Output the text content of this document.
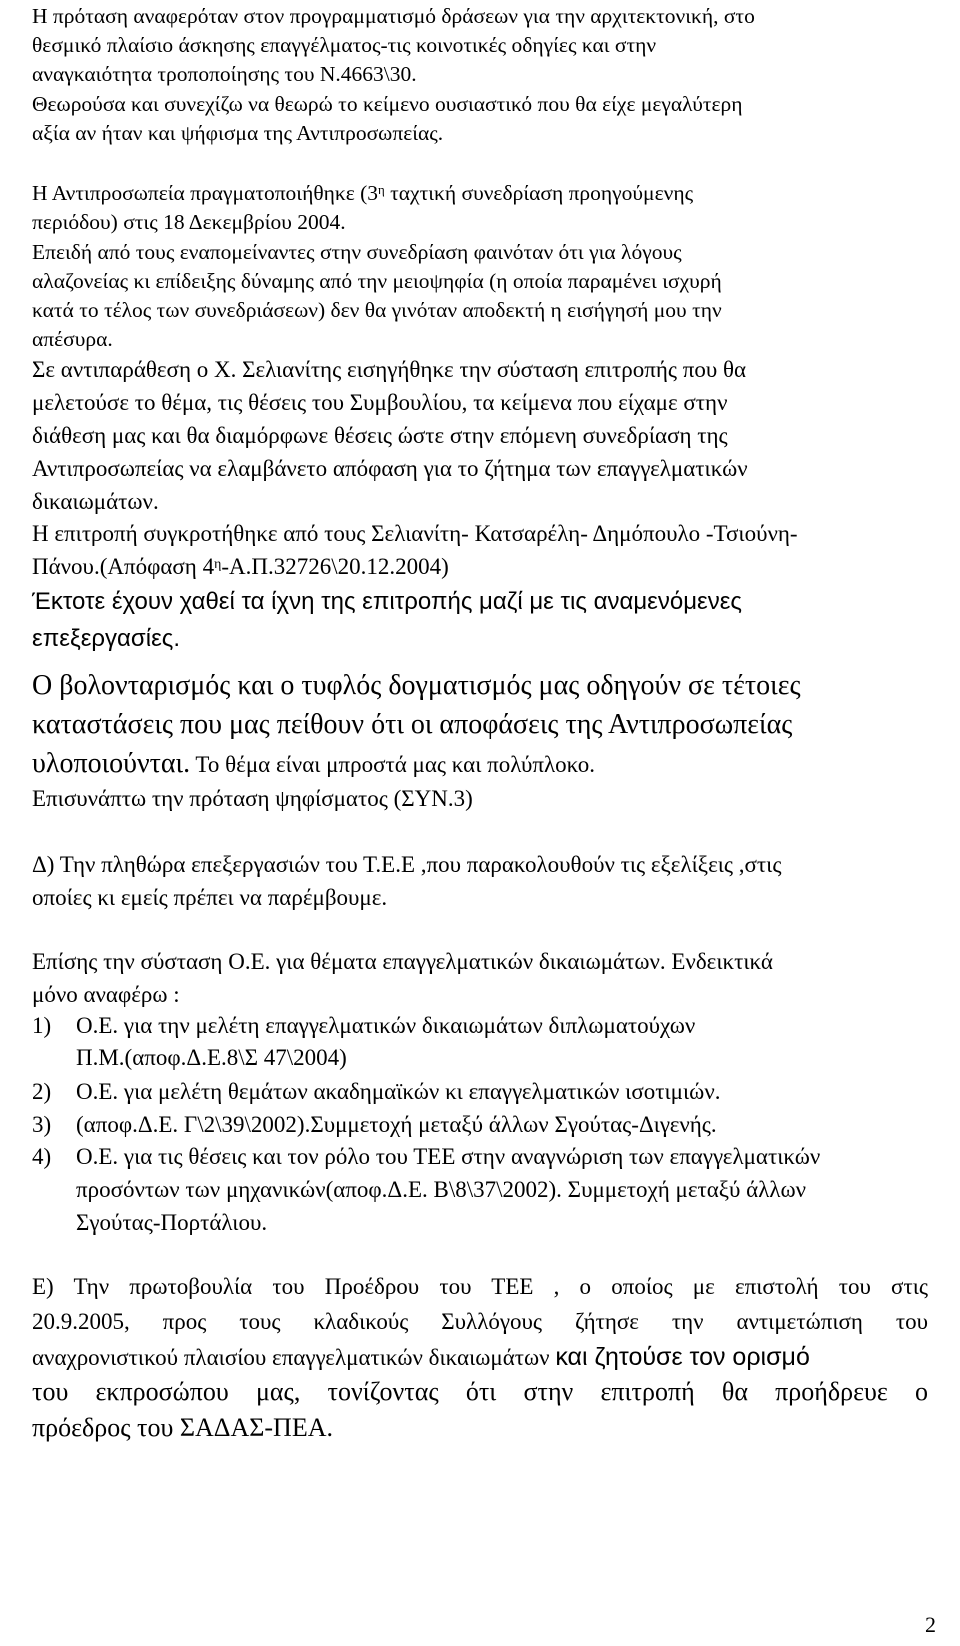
Η πρόταση αναφερόταν στον προγραμματισμό δράσεων για την αρχιτεκτονική, στο
θεσμικό πλαίσιο άσκησης επαγγέλματος-τις κοινοτικές οδηγίες και στην
αναγκαιότητα τροποποίησης του Ν.4663\30.
Θεωρούσα και συνεχίζω να θεωρώ το κείμενο ουσιαστικό που θα είχε μεγαλύτερη
αξία αν ήταν και ψήφισμα της Αντιπροσωπείας.
Η Αντιπροσωπεία πραγματοποιήθηκε ($3^\eta$ ταχτική συνεδρίαση προηγούμενης
περιόδου) στις 18 Δεκεμβρίου 2004.
Επειδή από τους εναπομείναντες στην συνεδρίαση φαινόταν ότι για λόγους
αλαζονείας κι επίδειξης δύναμης από την μειοψηφία (η οποία παραμένει ισχυρή
κατά το τέλος των συνεδριάσεων) δεν θα γινόταν αποδεκτή η εισήγησή μου την
απέσυρα.
Σε αντιπαράθεση ο Χ. Σελιανίτης εισηγήθηκε την σύσταση επιτροπής που θα
μελετούσε το θέμα, τις θέσεις του Συμβουλίου, τα κείμενα που είχαμε στην
διάθεση μας και θα διαμόρφωνε θέσεις ώστε στην επόμενη συνεδρίαση της
Αντιπροσωπείας να ελαμβάνετο απόφαση για το ζήτημα των επαγγελματικών
δικαιωμάτων.
Η επιτροπή συγκροτήθηκε από τους Σελιανίτη- Κατσαρέλη- Δημόπουλο -Τσιούνη-
Πάνου.(Απόφαση $4^\eta-A.\Pi.32726\backslash 20.12.2004$)
Έκτοτε έχουν χαθεί τα ίχνη της επιτροπής μαζί με τις αναμενόμενες
επεξεργασίες.
Ο βολονταρισμός και ο τυφλός δογματισμός μας οδηγούν σε τέτοιες
καταστάσεις που μας πείθουν ότι οι αποφάσεις της Αντιπροσωπείας
υλοποιούνται. Το θέμα είναι μπροστά μας και πολύπλοκο.
Επισυνάπτω την πρόταση ψηφίσματος (ΣΥΝ.3)
Δ) Την πληθώρα επεξεργασιών του Τ.Ε.Ε ,που παρακολουθούν τις εξελίξεις ,στις
οποίες κι εμείς πρέπει να παρέμβουμε.
Επίσης την σύσταση Ο.Ε. για θέματα επαγγελματικών δικαιωμάτων. Ενδεικτικά
μόνο αναφέρω :
1) Ο.Ε. για την μελέτη επαγγελματικών δικαιωμάτων διπλωματούχων
Π.Μ.(αποφ.Δ.Ε.8\Σ 47\2004)
2) Ο.Ε. για μελέτη θεμάτων ακαδημαϊκών κι επαγγελματικών ισοτιμιών.
3) (αποφ.Δ.Ε. Γ\2\39\2002).Συμμετοχή μεταξύ άλλων Σγούτας-Διγενής.
4) Ο.Ε. για τις θέσεις και τον ρόλο του ΤΕΕ στην αναγνώριση των επαγγελματικών
προσόντων των μηχανικών(αποφ.Δ.Ε. Β\8\37\2002). Συμμετοχή μεταξύ άλλων
Σγούτας-Πορτάλιου.
Ε) Την πρωτοβουλία του Προέδρου του ΤΕΕ , ο οποίος με επιστολή του στις
20.9.2005, προς τους κλαδικούς Συλλόγους ζήτησε την αντιμετώπιση του
αναχρονιστικού πλαισίου επαγγελματικών δικαιωμάτων και ζητούσε τον ορισμό
του εκπροσώπου μας, τονίζοντας ότι στην επιτροπή θα προήδρευε ο
πρόεδρος του ΣΑΔΑΣ-ΠΕΑ.
2
